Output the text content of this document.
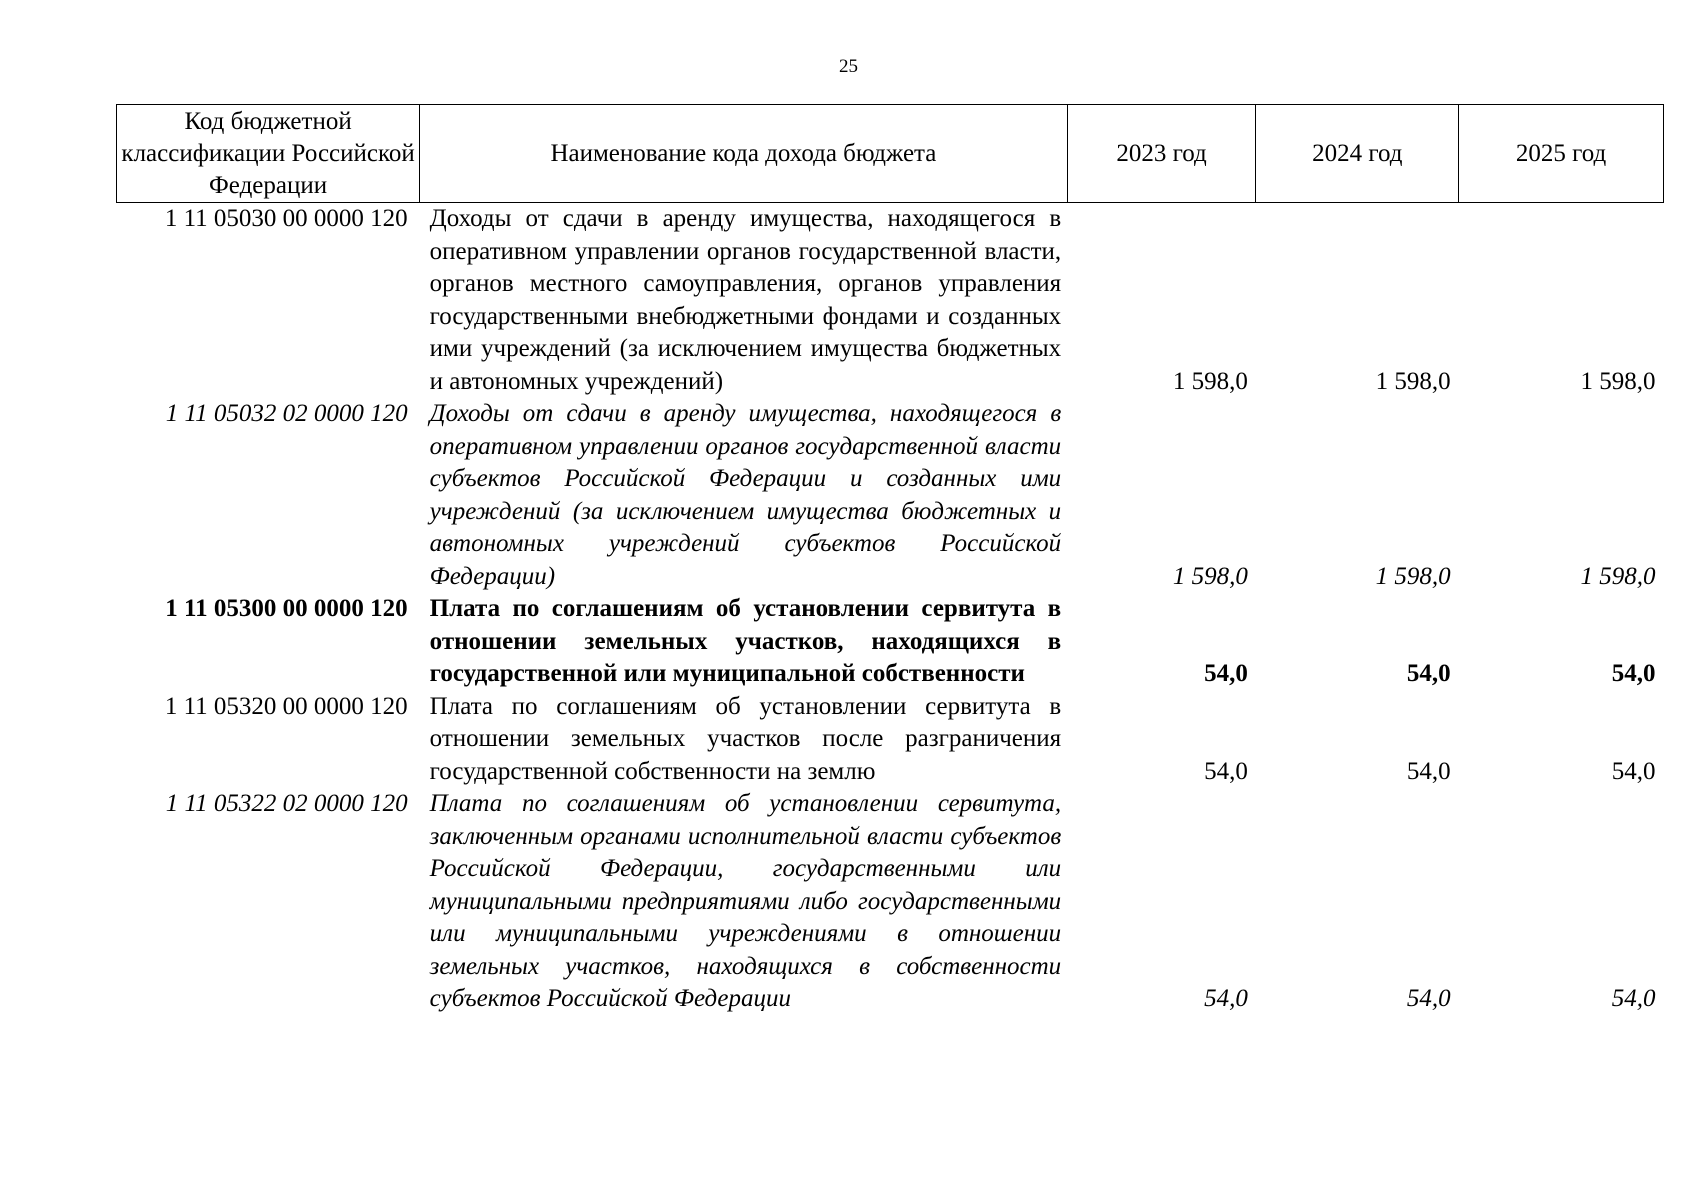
25
Код бюджетной классификации Российской Федерации	Наименование кода дохода бюджета	2023 год	2024 год	2025 год
1 11 05030 00 0000 120	Доходы от сдачи в аренду имущества, находящегося в оперативном управлении органов государственной власти, органов местного самоуправления, органов управления государственными внебюджетными фондами и созданных ими учреждений (за исключением имущества бюджетных и автономных учреждений)	1 598,0	1 598,0	1 598,0
1 11 05032 02 0000 120	Доходы от сдачи в аренду имущества, находящегося в оперативном управлении органов государственной власти субъектов Российской Федерации и созданных ими учреждений (за исключением имущества бюджетных и автономных учреждений субъектов Российской Федерации)	1 598,0	1 598,0	1 598,0
1 11 05300 00 0000 120	Плата по соглашениям об установлении сервитута в отношении земельных участков, находящихся в государственной или муниципальной собственности	54,0	54,0	54,0
1 11 05320 00 0000 120	Плата по соглашениям об установлении сервитута в отношении земельных участков после разграничения государственной собственности на землю	54,0	54,0	54,0
1 11 05322 02 0000 120	Плата по соглашениям об установлении сервитута, заключенным органами исполнительной власти субъектов Российской Федерации, государственными или муниципальными предприятиями либо государственными или муниципальными учреждениями в отношении земельных участков, находящихся в собственности субъектов Российской Федерации	54,0	54,0	54,0
